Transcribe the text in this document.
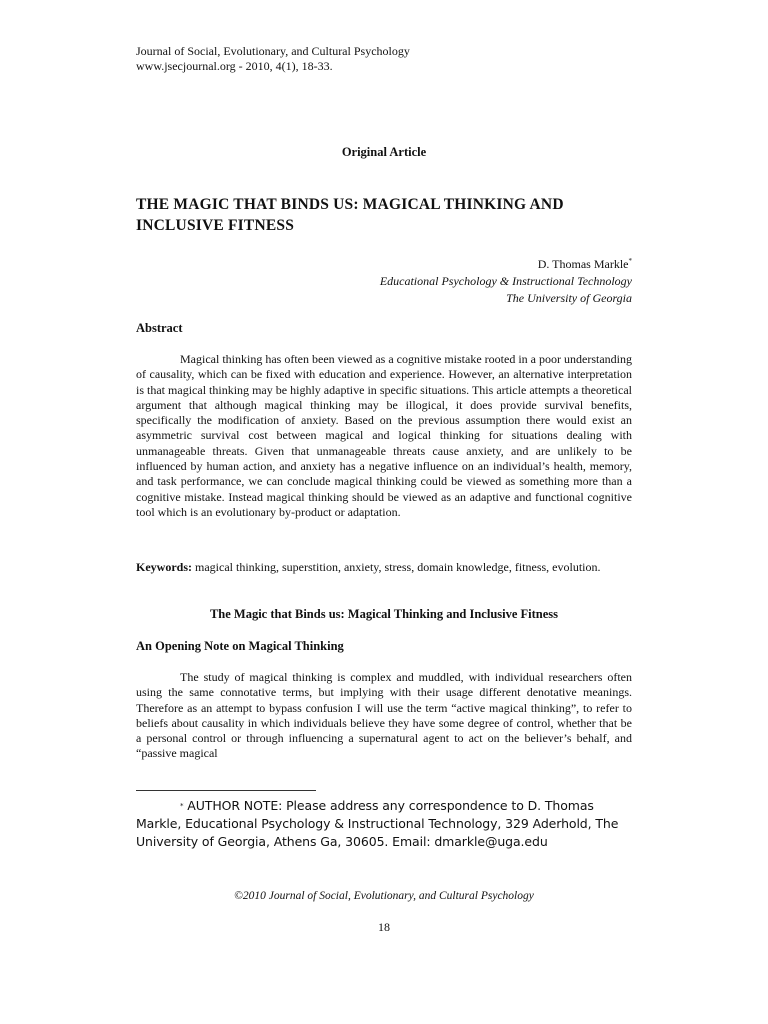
Journal of Social, Evolutionary, and Cultural Psychology
www.jsecjournal.org - 2010, 4(1), 18-33.
Original Article
THE MAGIC THAT BINDS US: MAGICAL THINKING AND INCLUSIVE FITNESS
D. Thomas Markle*
Educational Psychology & Instructional Technology
The University of Georgia
Abstract
Magical thinking has often been viewed as a cognitive mistake rooted in a poor understanding of causality, which can be fixed with education and experience. However, an alternative interpretation is that magical thinking may be highly adaptive in specific situations. This article attempts a theoretical argument that although magical thinking may be illogical, it does provide survival benefits, specifically the modification of anxiety. Based on the previous assumption there would exist an asymmetric survival cost between magical and logical thinking for situations dealing with unmanageable threats. Given that unmanageable threats cause anxiety, and are unlikely to be influenced by human action, and anxiety has a negative influence on an individual’s health, memory, and task performance, we can conclude magical thinking could be viewed as something more than a cognitive mistake. Instead magical thinking should be viewed as an adaptive and functional cognitive tool which is an evolutionary by-product or adaptation.
Keywords: magical thinking, superstition, anxiety, stress, domain knowledge, fitness, evolution.
The Magic that Binds us: Magical Thinking and Inclusive Fitness
An Opening Note on Magical Thinking
The study of magical thinking is complex and muddled, with individual researchers often using the same connotative terms, but implying with their usage different denotative meanings. Therefore as an attempt to bypass confusion I will use the term “active magical thinking”, to refer to beliefs about causality in which individuals believe they have some degree of control, whether that be a personal control or through influencing a supernatural agent to act on the believer’s behalf, and “passive magical
* AUTHOR NOTE: Please address any correspondence to D. Thomas Markle, Educational Psychology & Instructional Technology, 329 Aderhold, The University of Georgia, Athens Ga, 30605. Email: dmarkle@uga.edu
©2010 Journal of Social, Evolutionary, and Cultural Psychology
18
